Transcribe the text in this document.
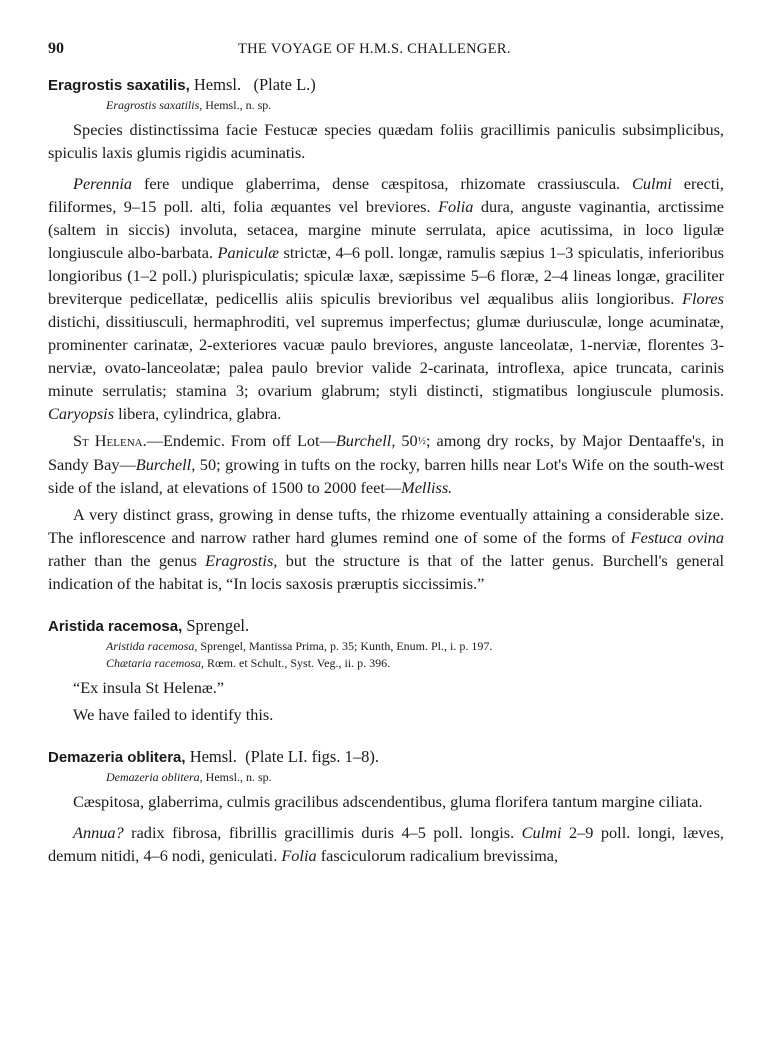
90	THE VOYAGE OF H.M.S. CHALLENGER.

Eragrostis saxatilis, Hemsl. (Plate L.)

Eragrostis saxatilis, Hemsl., n. sp.

Species distinctissima facie Festucæ species quædam foliis gracillimis paniculis subsimplicibus, spiculis laxis glumis rigidis acuminatis.

Perennia fere undique glaberrima, dense cæspitosa, rhizomate crassiuscula. Culmi erecti, filiformes, 9–15 poll. alti, folia æquantes vel breviores. Folia dura, anguste vaginantia, arctissime (saltem in siccis) involuta, setacea, margine minute serrulata, apice acutissima, in loco ligulæ longiuscule albo-barbata. Paniculæ strictæ, 4–6 poll. longæ, ramulis sæpius 1–3 spiculatis, inferioribus longioribus (1–2 poll.) plurispiculatis; spiculæ laxæ, sæpissime 5–6 floræ, 2–4 lineas longæ, graciliter breviterque pedicellatæ, pedicellis aliis spiculis brevioribus vel æqualibus aliis longioribus. Flores distichi, dissitiusculi, hermaphroditi, vel supremus imperfectus; glumæ duriusculæ, longe acuminatæ, prominenter carinatæ, 2-exteriores vacuæ paulo breviores, anguste lanceolatæ, 1-nerviæ, florentes 3-nerviæ, ovato-lanceolatæ; palea paulo brevior valide 2-carinata, introflexa, apice truncata, carinis minute serrulatis; stamina 3; ovarium glabrum; styli distincti, stigmatibus longiuscule plumosis. Caryopsis libera, cylindrica, glabra.

St Helena.—Endemic. From off Lot—Burchell, 50½; among dry rocks, by Major Dentaaffe's, in Sandy Bay—Burchell, 50; growing in tufts on the rocky, barren hills near Lot's Wife on the south-west side of the island, at elevations of 1500 to 2000 feet—Melliss.

A very distinct grass, growing in dense tufts, the rhizome eventually attaining a considerable size. The inflorescence and narrow rather hard glumes remind one of some of the forms of Festuca ovina rather than the genus Eragrostis, but the structure is that of the latter genus. Burchell's general indication of the habitat is, “In locis saxosis præruptis siccissimis.”

Aristida racemosa, Sprengel.

Aristida racemosa, Sprengel, Mantissa Prima, p. 35; Kunth, Enum. Pl., i. p. 197.

Chætaria racemosa, Rœm. et Schult., Syst. Veg., ii. p. 396.

“Ex insula St Helenæ.”

We have failed to identify this.

Demazeria oblitera, Hemsl. (Plate LI. figs. 1–8).

Demazeria oblitera, Hemsl., n. sp.

Cæspitosa, glaberrima, culmis gracilibus adscendentibus, gluma florifera tantum margine ciliata.

Annua? radix fibrosa, fibrillis gracillimis duris 4–5 poll. longis. Culmi 2–9 poll. longi, læves, demum nitidi, 4–6 nodi, geniculati. Folia fasciculorum radicalium brevissima,
